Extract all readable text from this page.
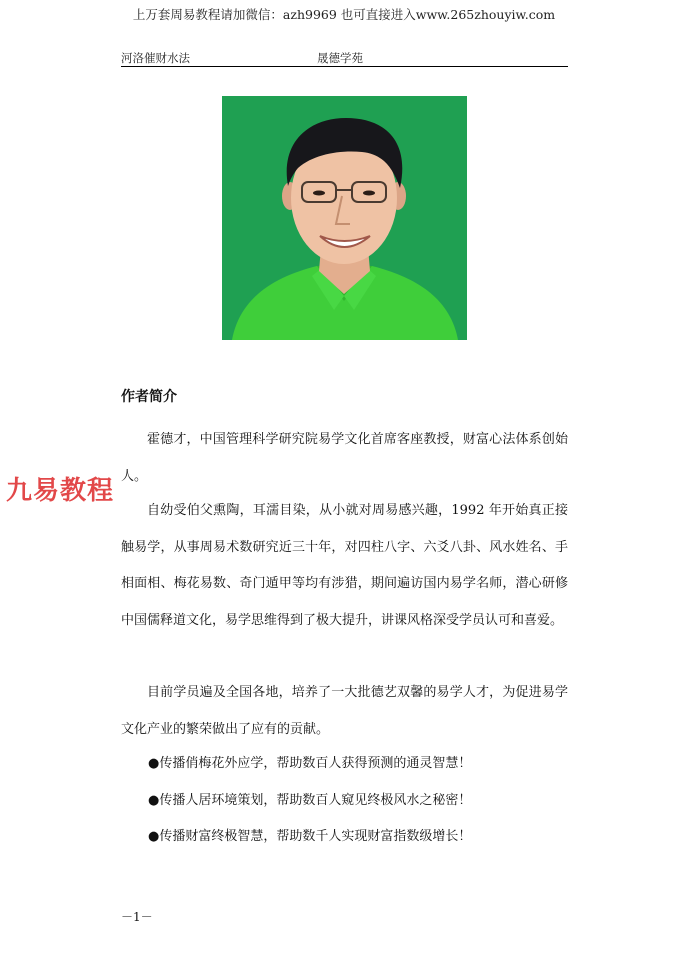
上万套周易教程请加微信：azh9969 也可直接进入www.265zhouyiw.com
河洛催财水法	晟德学苑
作者简介
霍德才，中国管理科学研究院易学文化首席客座教授，财富心法体系创始人。
自幼受伯父熏陶，耳濡目染，从小就对周易感兴趣，1992 年开始真正接触易学，从事周易术数研究近三十年，对四柱八字、六爻八卦、风水姓名、手相面相、梅花易数、奇门遁甲等均有涉猎，期间遍访国内易学名师，潜心研修中国儒释道文化，易学思维得到了极大提升，讲课风格深受学员认可和喜爱。
目前学员遍及全国各地，培养了一大批德艺双馨的易学人才，为促进易学文化产业的繁荣做出了应有的贡献。
●传播俏梅花外应学，帮助数百人获得预测的通灵智慧！
●传播人居环境策划，帮助数百人窥见终极风水之秘密！
●传播财富终极智慧，帮助数千人实现财富指数级增长！
九易教程
－1－
